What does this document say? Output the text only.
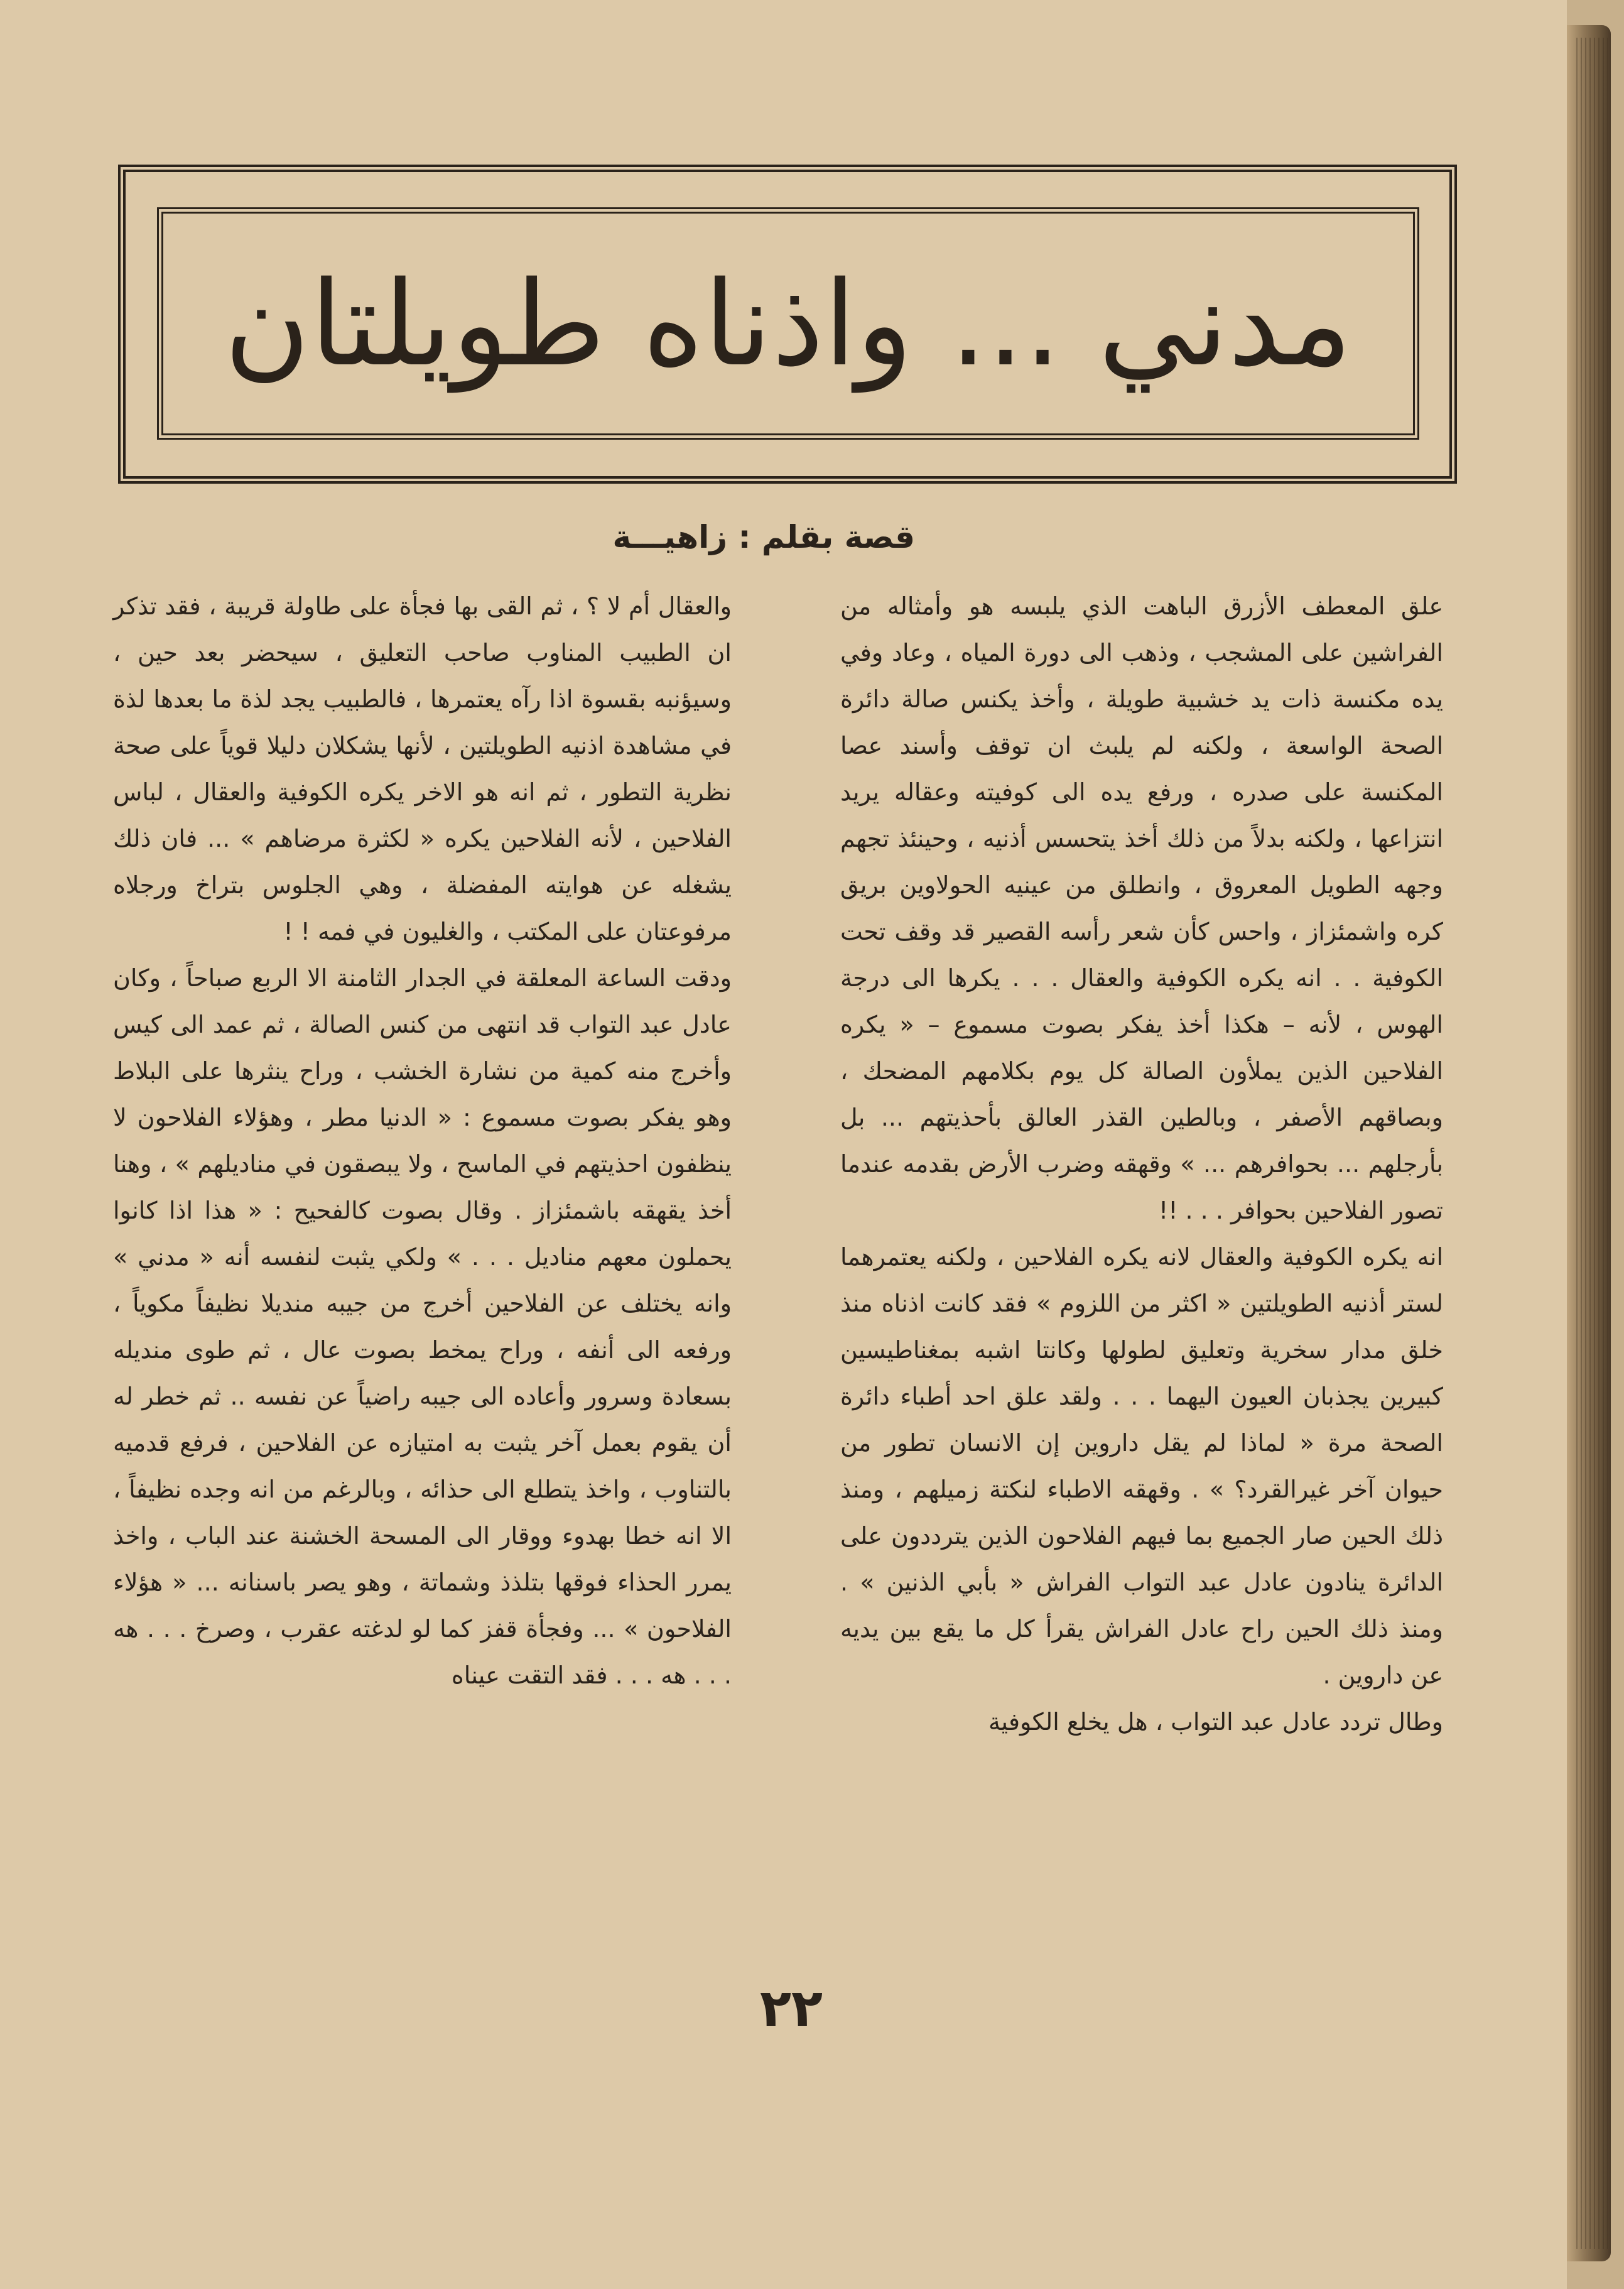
مدني ... واذناه طويلتان
قصة بقلم : زاهيـــة

علق المعطف الأزرق الباهت الذي يلبسه هو وأمثاله من الفراشين على المشجب ، وذهب الى دورة المياه ، وعاد وفي يده مكنسة ذات يد خشبية طويلة ، وأخذ يكنس صالة دائرة الصحة الواسعة ، ولكنه لم يلبث ان توقف وأسند عصا المكنسة على صدره ، ورفع يده الى كوفيته وعقاله يريد انتزاعها ، ولكنه بدلاً من ذلك أخذ يتحسس أذنيه ، وحينئذ تجهم وجهه الطويل المعروق ، وانطلق من عينيه الحولاوين بريق كره واشمئزاز ، واحس كأن شعر رأسه القصير قد وقف تحت الكوفية . . انه يكره الكوفية والعقال . . . يكرها الى درجة الهوس ، لأنه – هكذا أخذ يفكر بصوت مسموع – « يكره الفلاحين الذين يملأون الصالة كل يوم بكلامهم المضحك ، وبصاقهم الأصفر ، وبالطين القذر العالق بأحذيتهم ... بل بأرجلهم ... بحوافرهم ... » وقهقه وضرب الأرض بقدمه عندما تصور الفلاحين بحوافر . . . !!

انه يكره الكوفية والعقال لانه يكره الفلاحين ، ولكنه يعتمرهما لستر أذنيه الطويلتين « اكثر من اللزوم » فقد كانت اذناه منذ خلق مدار سخرية وتعليق لطولها وكانتا اشبه بمغناطيسين كبيرين يجذبان العيون اليهما . . . ولقد علق احد أطباء دائرة الصحة مرة « لماذا لم يقل داروين إن الانسان تطور من حيوان آخر غيرالقرد؟ » . وقهقه الاطباء لنكتة زميلهم ، ومنذ ذلك الحين صار الجميع بما فيهم الفلاحون الذين يترددون على الدائرة ينادون عادل عبد التواب الفراش « بأبي الذنين » . ومنذ ذلك الحين راح عادل الفراش يقرأ كل ما يقع بين يديه عن داروين .

وطال تردد عادل عبد التواب ، هل يخلع الكوفية

والعقال أم لا ؟ ، ثم القى بها فجأة على طاولة قريبة ، فقد تذكر ان الطبيب المناوب صاحب التعليق ، سيحضر بعد حين ، وسيؤنبه بقسوة اذا رآه يعتمرها ، فالطبيب يجد لذة ما بعدها لذة في مشاهدة اذنيه الطويلتين ، لأنها يشكلان دليلا قوياً على صحة نظرية التطور ، ثم انه هو الاخر يكره الكوفية والعقال ، لباس الفلاحين ، لأنه الفلاحين يكره « لكثرة مرضاهم » ... فان ذلك يشغله عن هوايته المفضلة ، وهي الجلوس بتراخ ورجلاه مرفوعتان على المكتب ، والغليون في فمه ! !

ودقت الساعة المعلقة في الجدار الثامنة الا الربع صباحاً ، وكان عادل عبد التواب قد انتهى من كنس الصالة ، ثم عمد الى كيس وأخرج منه كمية من نشارة الخشب ، وراح ينثرها على البلاط وهو يفكر بصوت مسموع : « الدنيا مطر ، وهؤلاء الفلاحون لا ينظفون احذيتهم في الماسح ، ولا يبصقون في مناديلهم » ، وهنا أخذ يقهقه باشمئزاز . وقال بصوت كالفحيح : « هذا اذا كانوا يحملون معهم مناديل . . . » ولكي يثبت لنفسه أنه « مدني » وانه يختلف عن الفلاحين أخرج من جيبه منديلا نظيفاً مكوياً ، ورفعه الى أنفه ، وراح يمخط بصوت عال ، ثم طوى منديله بسعادة وسرور وأعاده الى جيبه راضياً عن نفسه .. ثم خطر له أن يقوم بعمل آخر يثبت به امتيازه عن الفلاحين ، فرفع قدميه بالتناوب ، واخذ يتطلع الى حذائه ، وبالرغم من انه وجده نظيفاً ، الا انه خطا بهدوء ووقار الى المسحة الخشنة عند الباب ، واخذ يمرر الحذاء فوقها بتلذذ وشماتة ، وهو يصر باسنانه ... « هؤلاء الفلاحون » ... وفجأة قفز كما لو لدغته عقرب ، وصرخ . . . هه . . . هه . . . فقد التقت عيناه

٢٢
